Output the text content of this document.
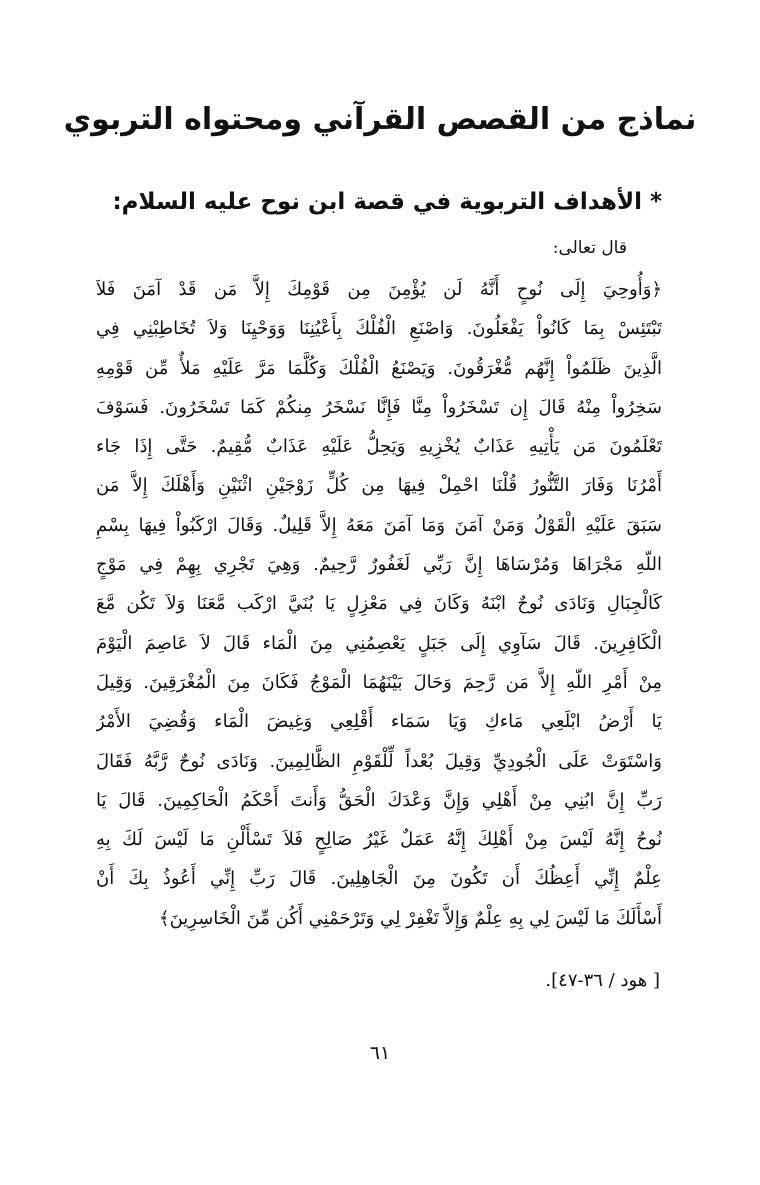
نماذج من القصص القرآني ومحتواه التربوي
* الأهداف التربوية في قصة ابن نوح عليه السلام:
قال تعالى:
﴿وَأُوحِيَ إِلَى نُوحٍ أَنَّهُ لَن يُؤْمِنَ مِن قَوْمِكَ إِلاَّ مَن قَدْ آمَنَ فَلاَ
تَبْتَئِسْ بِمَا كَانُواْ يَفْعَلُونَ. وَاصْنَعِ الْفُلْكَ بِأَعْيُنِنَا وَوَحْيِنَا وَلاَ تُخَاطِبْنِي فِي
الَّذِينَ ظَلَمُواْ إِنَّهُم مُّغْرَقُونَ. وَيَصْنَعُ الْفُلْكَ وَكُلَّمَا مَرَّ عَلَيْهِ مَلأٌ مِّن قَوْمِهِ
سَخِرُواْ مِنْهُ قَالَ إِن تَسْخَرُواْ مِنَّا فَإِنَّا نَسْخَرُ مِنكُمْ كَمَا تَسْخَرُونَ. فَسَوْفَ
تَعْلَمُونَ مَن يَأْتِيهِ عَذَابٌ يُخْزِيهِ وَيَحِلُّ عَلَيْهِ عَذَابٌ مُّقِيمٌ. حَتَّى إِذَا جَاء
أَمْرُنَا وَفَارَ التَّنُّورُ قُلْنَا احْمِلْ فِيهَا مِن كُلٍّ زَوْجَيْنِ اثْنَيْنِ وَأَهْلَكَ إِلاَّ مَن
سَبَقَ عَلَيْهِ الْقَوْلُ وَمَنْ آمَنَ وَمَا آمَنَ مَعَهُ إِلاَّ قَلِيلٌ. وَقَالَ ارْكَبُواْ فِيهَا بِسْمِ
اللّهِ مَجْرَاهَا وَمُرْسَاهَا إِنَّ رَبِّي لَغَفُورٌ رَّحِيمٌ. وَهِيَ تَجْرِي بِهِمْ فِي مَوْجٍ
كَالْجِبَالِ وَنَادَى نُوحٌ ابْنَهُ وَكَانَ فِي مَعْزِلٍ يَا بُنَيَّ ارْكَب مَّعَنَا وَلاَ تَكُن مَّعَ
الْكَافِرِينَ. قَالَ سَآوِي إِلَى جَبَلٍ يَعْصِمُنِي مِنَ الْمَاء قَالَ لاَ عَاصِمَ الْيَوْمَ
مِنْ أَمْرِ اللّهِ إِلاَّ مَن رَّحِمَ وَحَالَ بَيْنَهُمَا الْمَوْجُ فَكَانَ مِنَ الْمُغْرَقِينَ. وَقِيلَ
يَا أَرْضُ ابْلَعِي مَاءكِ وَيَا سَمَاء أَقْلِعِي وَغِيضَ الْمَاء وَقُضِيَ الأَمْرُ
وَاسْتَوَتْ عَلَى الْجُودِيِّ وَقِيلَ بُعْداً لِّلْقَوْمِ الظَّالِمِينَ. وَنَادَى نُوحٌ رَّبَّهُ فَقَالَ
رَبِّ إِنَّ ابُنِي مِنْ أَهْلِي وَإِنَّ وَعْدَكَ الْحَقُّ وَأَنتَ أَحْكَمُ الْحَاكِمِينَ. قَالَ يَا
نُوحُ إِنَّهُ لَيْسَ مِنْ أَهْلِكَ إِنَّهُ عَمَلٌ غَيْرُ صَالِحٍ فَلاَ تَسْأَلْنِ مَا لَيْسَ لَكَ بِهِ
عِلْمٌ إِنِّي أَعِظُكَ أَن تَكُونَ مِنَ الْجَاهِلِينَ. قَالَ رَبِّ إِنِّي أَعُوذُ بِكَ أَنْ
أَسْأَلَكَ مَا لَيْسَ لِي بِهِ عِلْمٌ وَإِلاَّ تَغْفِرْ لِي وَتَرْحَمْنِي أَكُن مِّنَ الْخَاسِرِينَ﴾
[ هود / ٣٦-٤٧].
٦١
